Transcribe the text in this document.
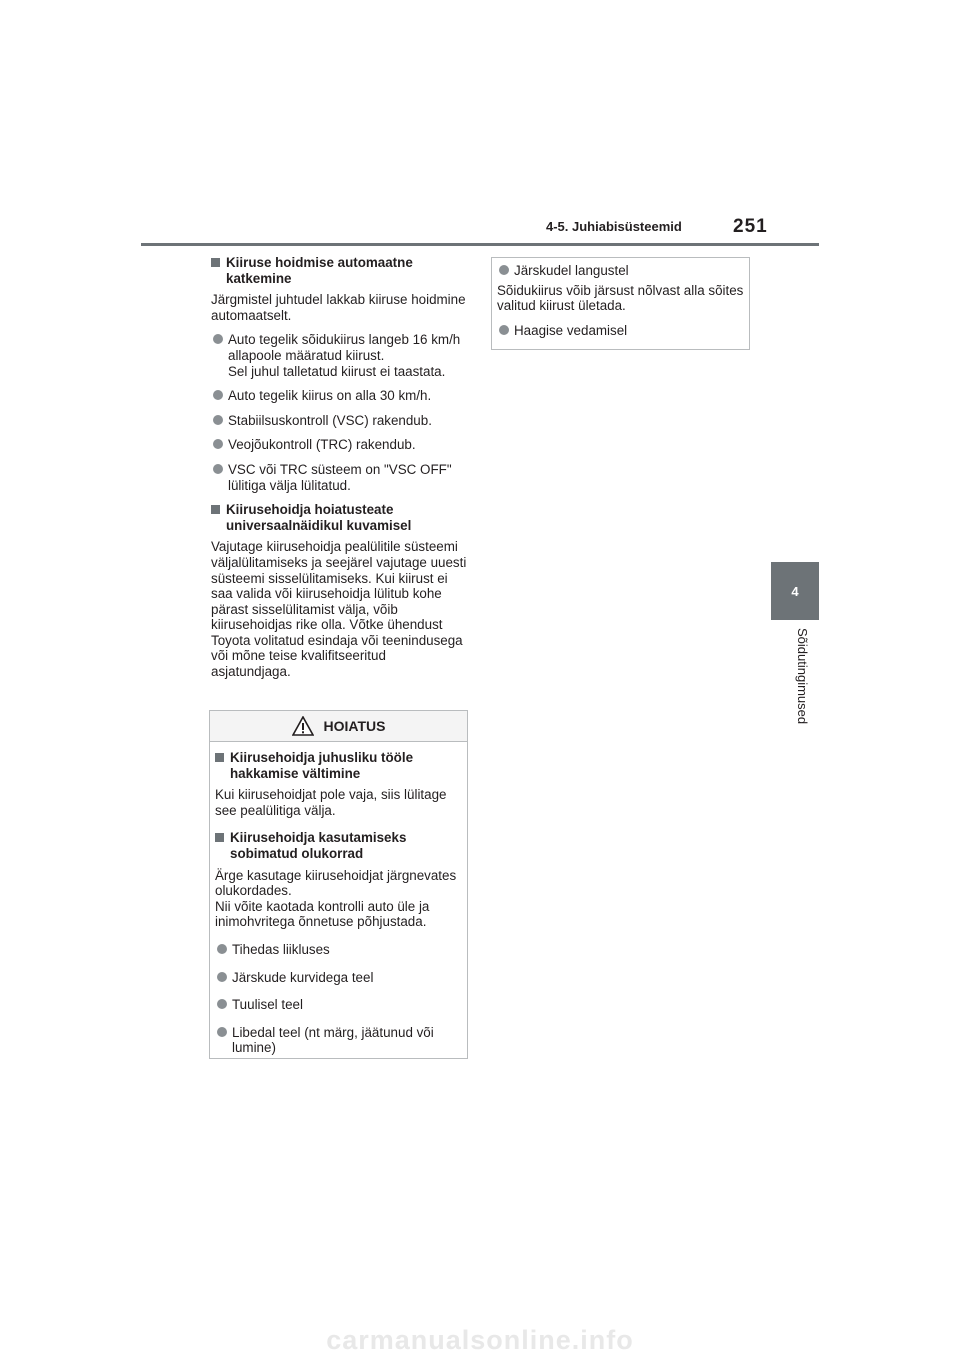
4-5. Juhiabisüsteemid	251
4
Sõidutingimused
Kiiruse hoidmise automaatne katkemine

Järgmistel juhtudel lakkab kiiruse hoidmine automaatselt.

Auto tegelik sõidukiirus langeb 16 km/h allapoole määratud kiirust.
Sel juhul talletatud kiirust ei taastata.
Auto tegelik kiirus on alla 30 km/h.
Stabiilsuskontroll (VSC) rakendub.
Veojõukontroll (TRC) rakendub.
VSC või TRC süsteem on "VSC OFF" lülitiga välja lülitatud.
Kiirusehoidja hoiatusteate universaalnäidikul kuvamisel

Vajutage kiirusehoidja pealülitile süsteemi väljalülitamiseks ja seejärel vajutage uuesti süsteemi sisselülitamiseks. Kui kiirust ei saa valida või kiirusehoidja lülitub kohe pärast sisselülitamist välja, võib kiirusehoidjas rike olla. Võtke ühendust Toyota volitatud esindaja või teenindusega või mõne teise kvalifitseeritud asjatundjaga.

HOIATUS
Kiirusehoidja juhusliku tööle hakkamise vältimine

Kui kiirusehoidjat pole vaja, siis lülitage see pealülitiga välja.

Kiirusehoidja kasutamiseks sobimatud olukorrad

Ärge kasutage kiirusehoidjat järgnevates olukordades.
Nii võite kaotada kontrolli auto üle ja inimohvritega õnnetuse põhjustada.

Tihedas liikluses
Järskude kurvidega teel
Tuulisel teel
Libedal teel (nt märg, jäätunud või lumine)
Järskudel langustel

Sõidukiirus võib järsust nõlvast alla sõites valitud kiirust ületada.

Haagise vedamisel
carmanualsonline.info
